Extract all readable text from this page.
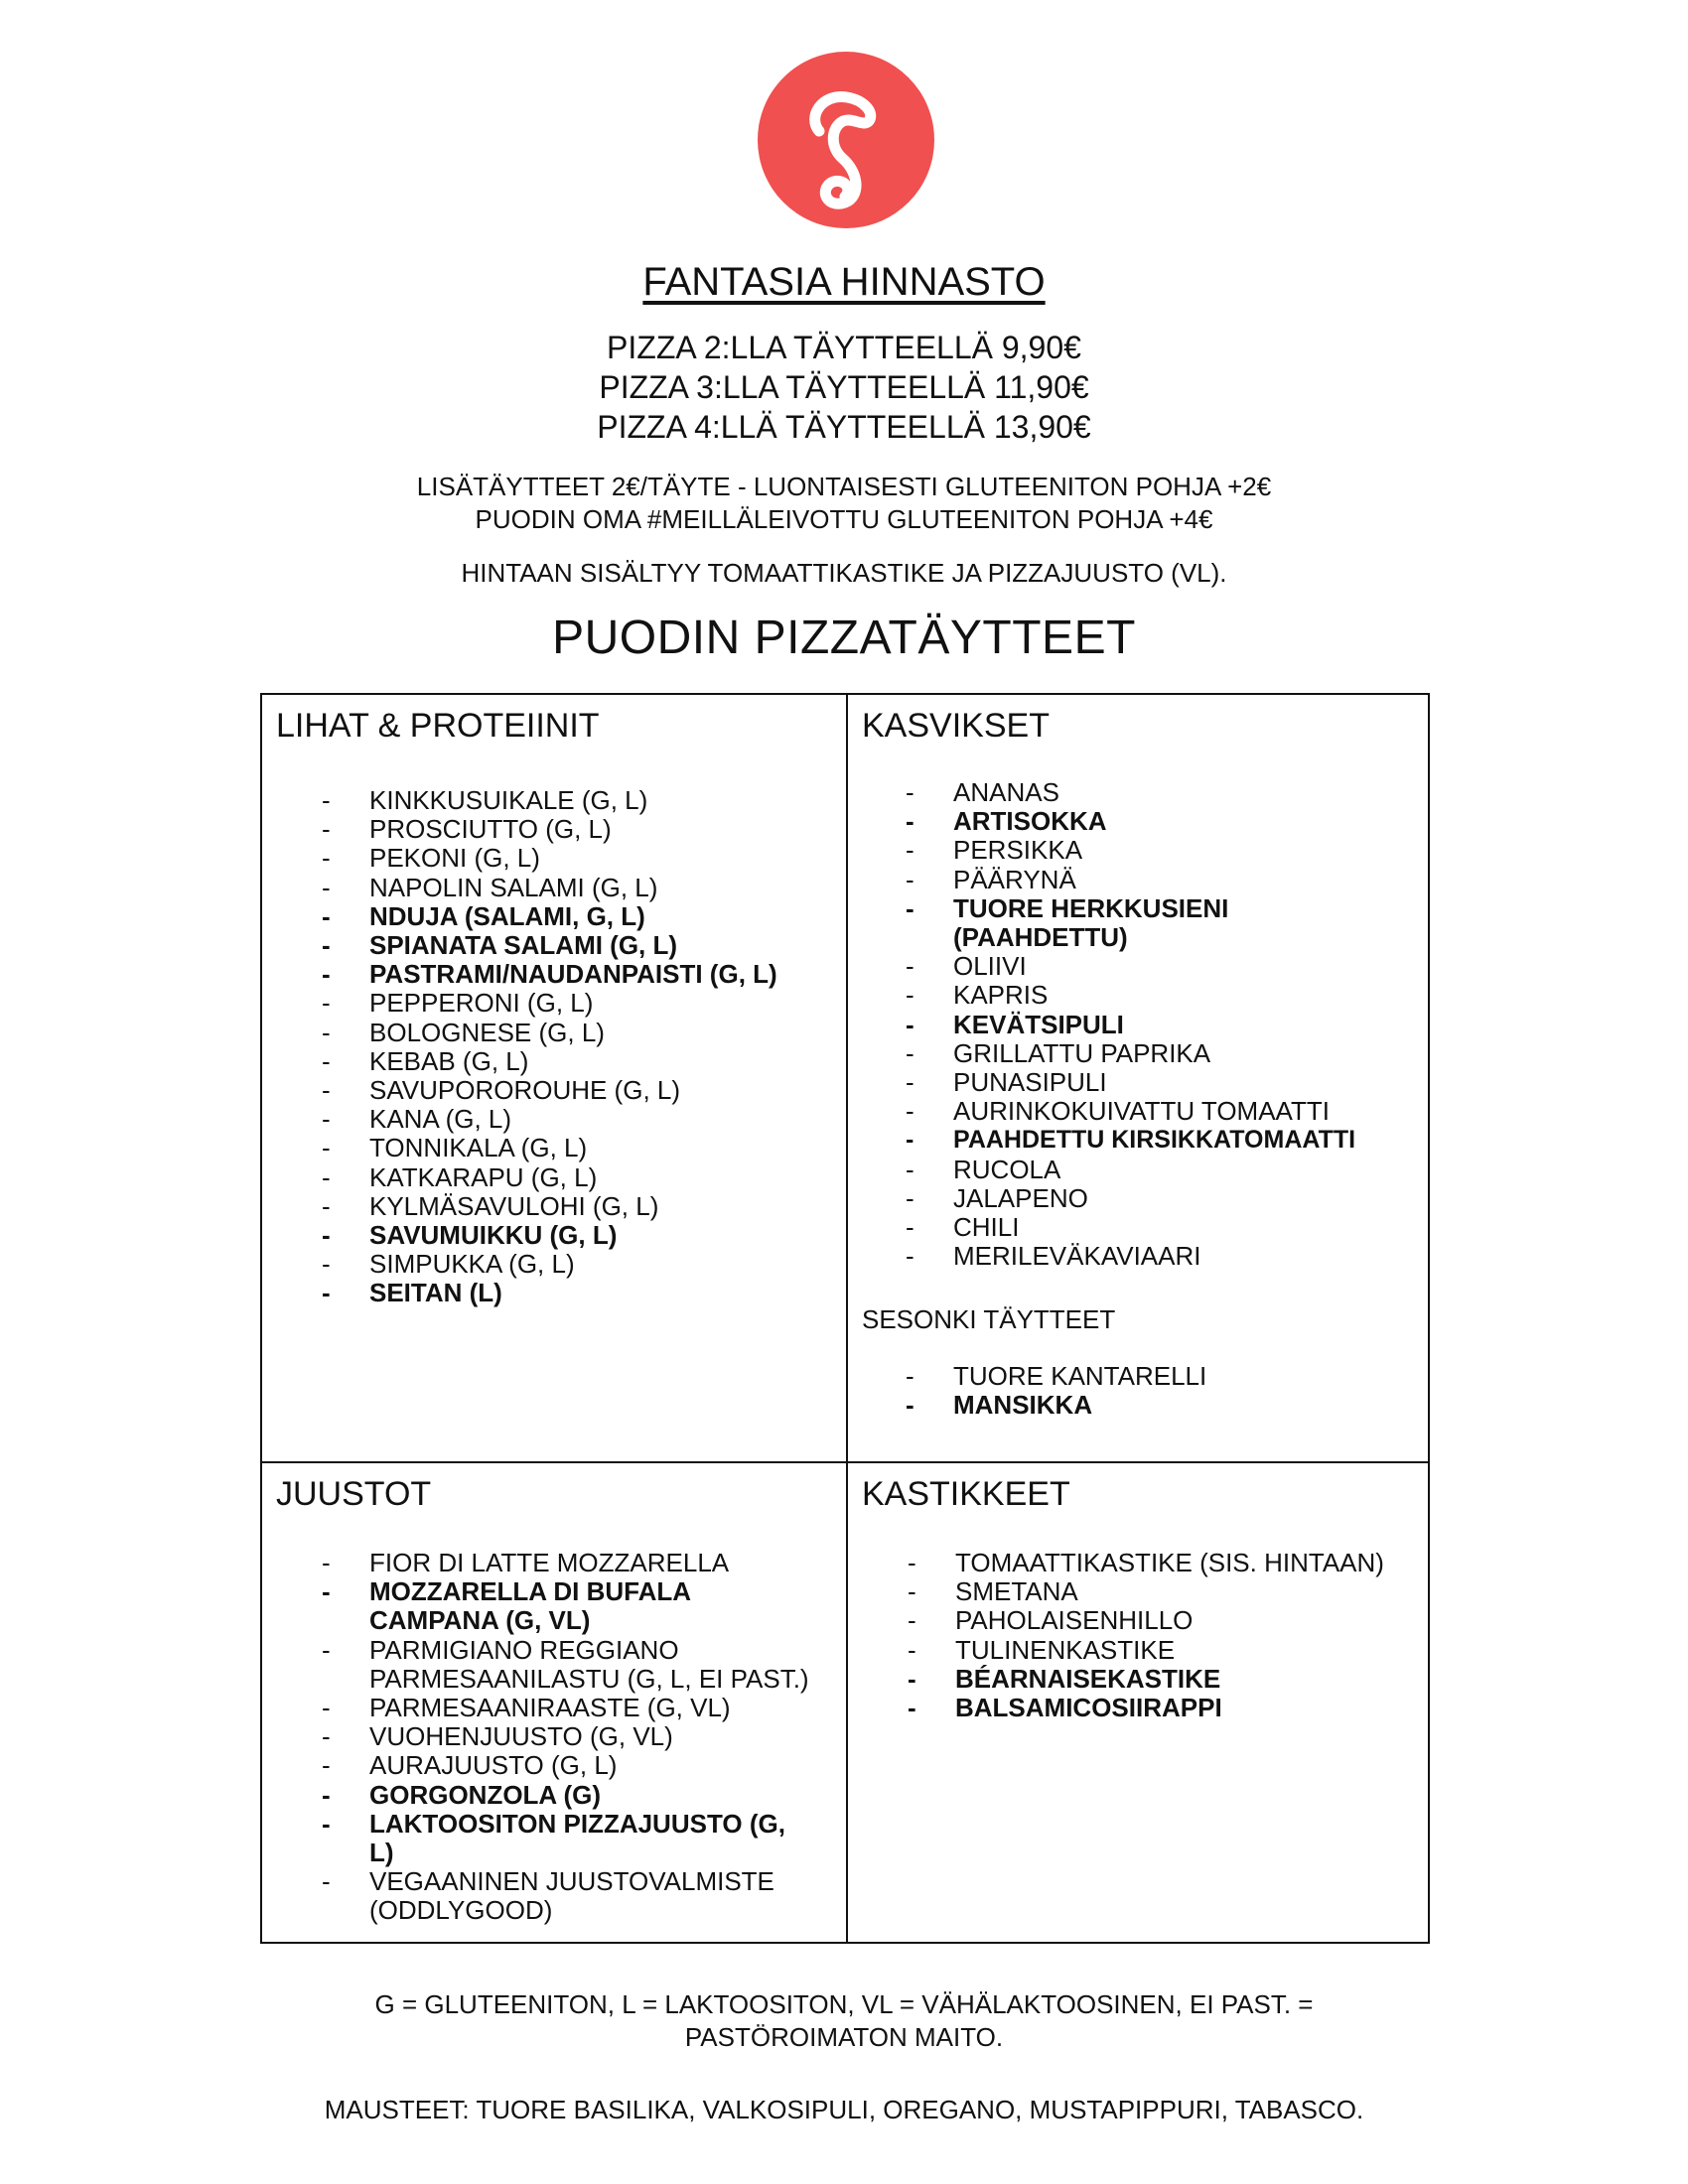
FANTASIA HINNASTO
PIZZA 2:LLA TÄYTTEELLÄ 9,90€
PIZZA 3:LLA TÄYTTEELLÄ 11,90€
PIZZA 4:LLÄ TÄYTTEELLÄ 13,90€
LISÄTÄYTTEET 2€/TÄYTE - LUONTAISESTI GLUTEENITON POHJA +2€
PUODIN OMA #MEILLÄLEIVOTTU GLUTEENITON POHJA +4€
HINTAAN SISÄLTYY TOMAATTIKASTIKE JA PIZZAJUUSTO (VL).
PUODIN PIZZATÄYTTEET
LIHAT & PROTEIINIT
- KINKKUSUIKALE (G, L)
- PROSCIUTTO (G, L)
- PEKONI (G, L)
- NAPOLIN SALAMI (G, L)
- NDUJA (SALAMI, G, L)
- SPIANATA SALAMI (G, L)
- PASTRAMI/NAUDANPAISTI (G, L)
- PEPPERONI (G, L)
- BOLOGNESE (G, L)
- KEBAB (G, L)
- SAVUPOROROUHE (G, L)
- KANA (G, L)
- TONNIKALA (G, L)
- KATKARAPU (G, L)
- KYLMÄSAVULOHI (G, L)
- SAVUMUIKKU (G, L)
- SIMPUKKA (G, L)
- SEITAN (L)
KASVIKSET
- ANANAS
- ARTISOKKA
- PERSIKKA
- PÄÄRYNÄ
- TUORE HERKKUSIENI (PAAHDETTU)
- OLIIVI
- KAPRIS
- KEVÄTSIPULI
- GRILLATTU PAPRIKA
- PUNASIPULI
- AURINKOKUIVATTU TOMAATTI
- PAAHDETTU KIRSIKKATOMAATTI
- RUCOLA
- JALAPENO
- CHILI
- MERILEVÄKAVIAARI
SESONKI TÄYTTEET
- TUORE KANTARELLI
- MANSIKKA
JUUSTOT
- FIOR DI LATTE MOZZARELLA
- MOZZARELLA DI BUFALA CAMPANA (G, VL)
- PARMIGIANO REGGIANO PARMESAANILASTU (G, L, EI PAST.)
- PARMESAANIRAASTE (G, VL)
- VUOHENJUUSTO (G, VL)
- AURAJUUSTO (G, L)
- GORGONZOLA (G)
- LAKTOOSITON PIZZAJUUSTO (G, L)
- VEGAANINEN JUUSTOVALMISTE (ODDLYGOOD)
KASTIKKEET
- TOMAATTIKASTIKE (SIS. HINTAAN)
- SMETANA
- PAHOLAISENHILLO
- TULINENKASTIKE
- BÉARNAISEKASTIKE
- BALSAMICOSIIRAPPI
G = GLUTEENITON, L = LAKTOOSITON, VL = VÄHÄLAKTOOSINEN, EI PAST. = PASTÖROIMATON MAITO.
MAUSTEET: TUORE BASILIKA, VALKOSIPULI, OREGANO, MUSTAPIPPURI, TABASCO.
